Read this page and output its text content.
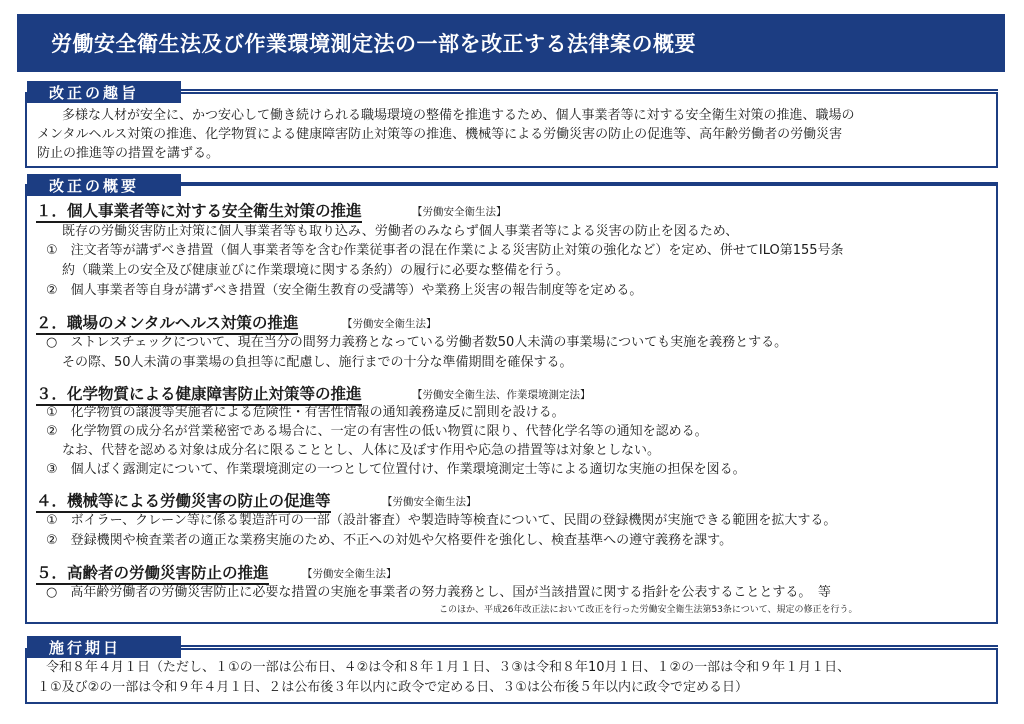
労働安全衛生法及び作業環境測定法の一部を改正する法律案の概要
改正の趣旨
多様な人材が安全に、かつ安心して働き続けられる職場環境の整備を推進するため、個人事業者等に対する安全衛生対策の推進、職場の
メンタルヘルス対策の推進、化学物質による健康障害防止対策等の推進、機械等による労働災害の防止の促進等、高年齢労働者の労働災害
防止の推進等の措置を講ずる。
改正の概要
１．個人事業者等に対する安全衛生対策の推進	【労働安全衛生法】
既存の労働災害防止対策に個人事業者等も取り込み、労働者のみならず個人事業者等による災害の防止を図るため、
①　注文者等が講ずべき措置（個人事業者等を含む作業従事者の混在作業による災害防止対策の強化など）を定め、併せてILO第155号条
約（職業上の安全及び健康並びに作業環境に関する条約）の履行に必要な整備を行う。
②　個人事業者等自身が講ずべき措置（安全衛生教育の受講等）や業務上災害の報告制度等を定める。
２．職場のメンタルヘルス対策の推進	【労働安全衛生法】
○　ストレスチェックについて、現在当分の間努力義務となっている労働者数50人未満の事業場についても実施を義務とする。
その際、50人未満の事業場の負担等に配慮し、施行までの十分な準備期間を確保する。
３．化学物質による健康障害防止対策等の推進	【労働安全衛生法、作業環境測定法】
①　化学物質の譲渡等実施者による危険性・有害性情報の通知義務違反に罰則を設ける。
②　化学物質の成分名が営業秘密である場合に、一定の有害性の低い物質に限り、代替化学名等の通知を認める。
なお、代替を認める対象は成分名に限ることとし、人体に及ぼす作用や応急の措置等は対象としない。
③　個人ばく露測定について、作業環境測定の一つとして位置付け、作業環境測定士等による適切な実施の担保を図る。
４．機械等による労働災害の防止の促進等	【労働安全衛生法】
①　ボイラー、クレーン等に係る製造許可の一部（設計審査）や製造時等検査について、民間の登録機関が実施できる範囲を拡大する。
②　登録機関や検査業者の適正な業務実施のため、不正への対処や欠格要件を強化し、検査基準への遵守義務を課す。
５．高齢者の労働災害防止の推進	【労働安全衛生法】
○　高年齢労働者の労働災害防止に必要な措置の実施を事業者の努力義務とし、国が当該措置に関する指針を公表することとする。　等
このほか、平成26年改正法において改正を行った労働安全衛生法第53条について、規定の修正を行う。
施行期日
令和８年４月１日（ただし、１①の一部は公布日、４②は令和８年１月１日、３③は令和８年10月１日、１②の一部は令和９年１月１日、
１①及び②の一部は令和９年４月１日、２は公布後３年以内に政令で定める日、３①は公布後５年以内に政令で定める日）
